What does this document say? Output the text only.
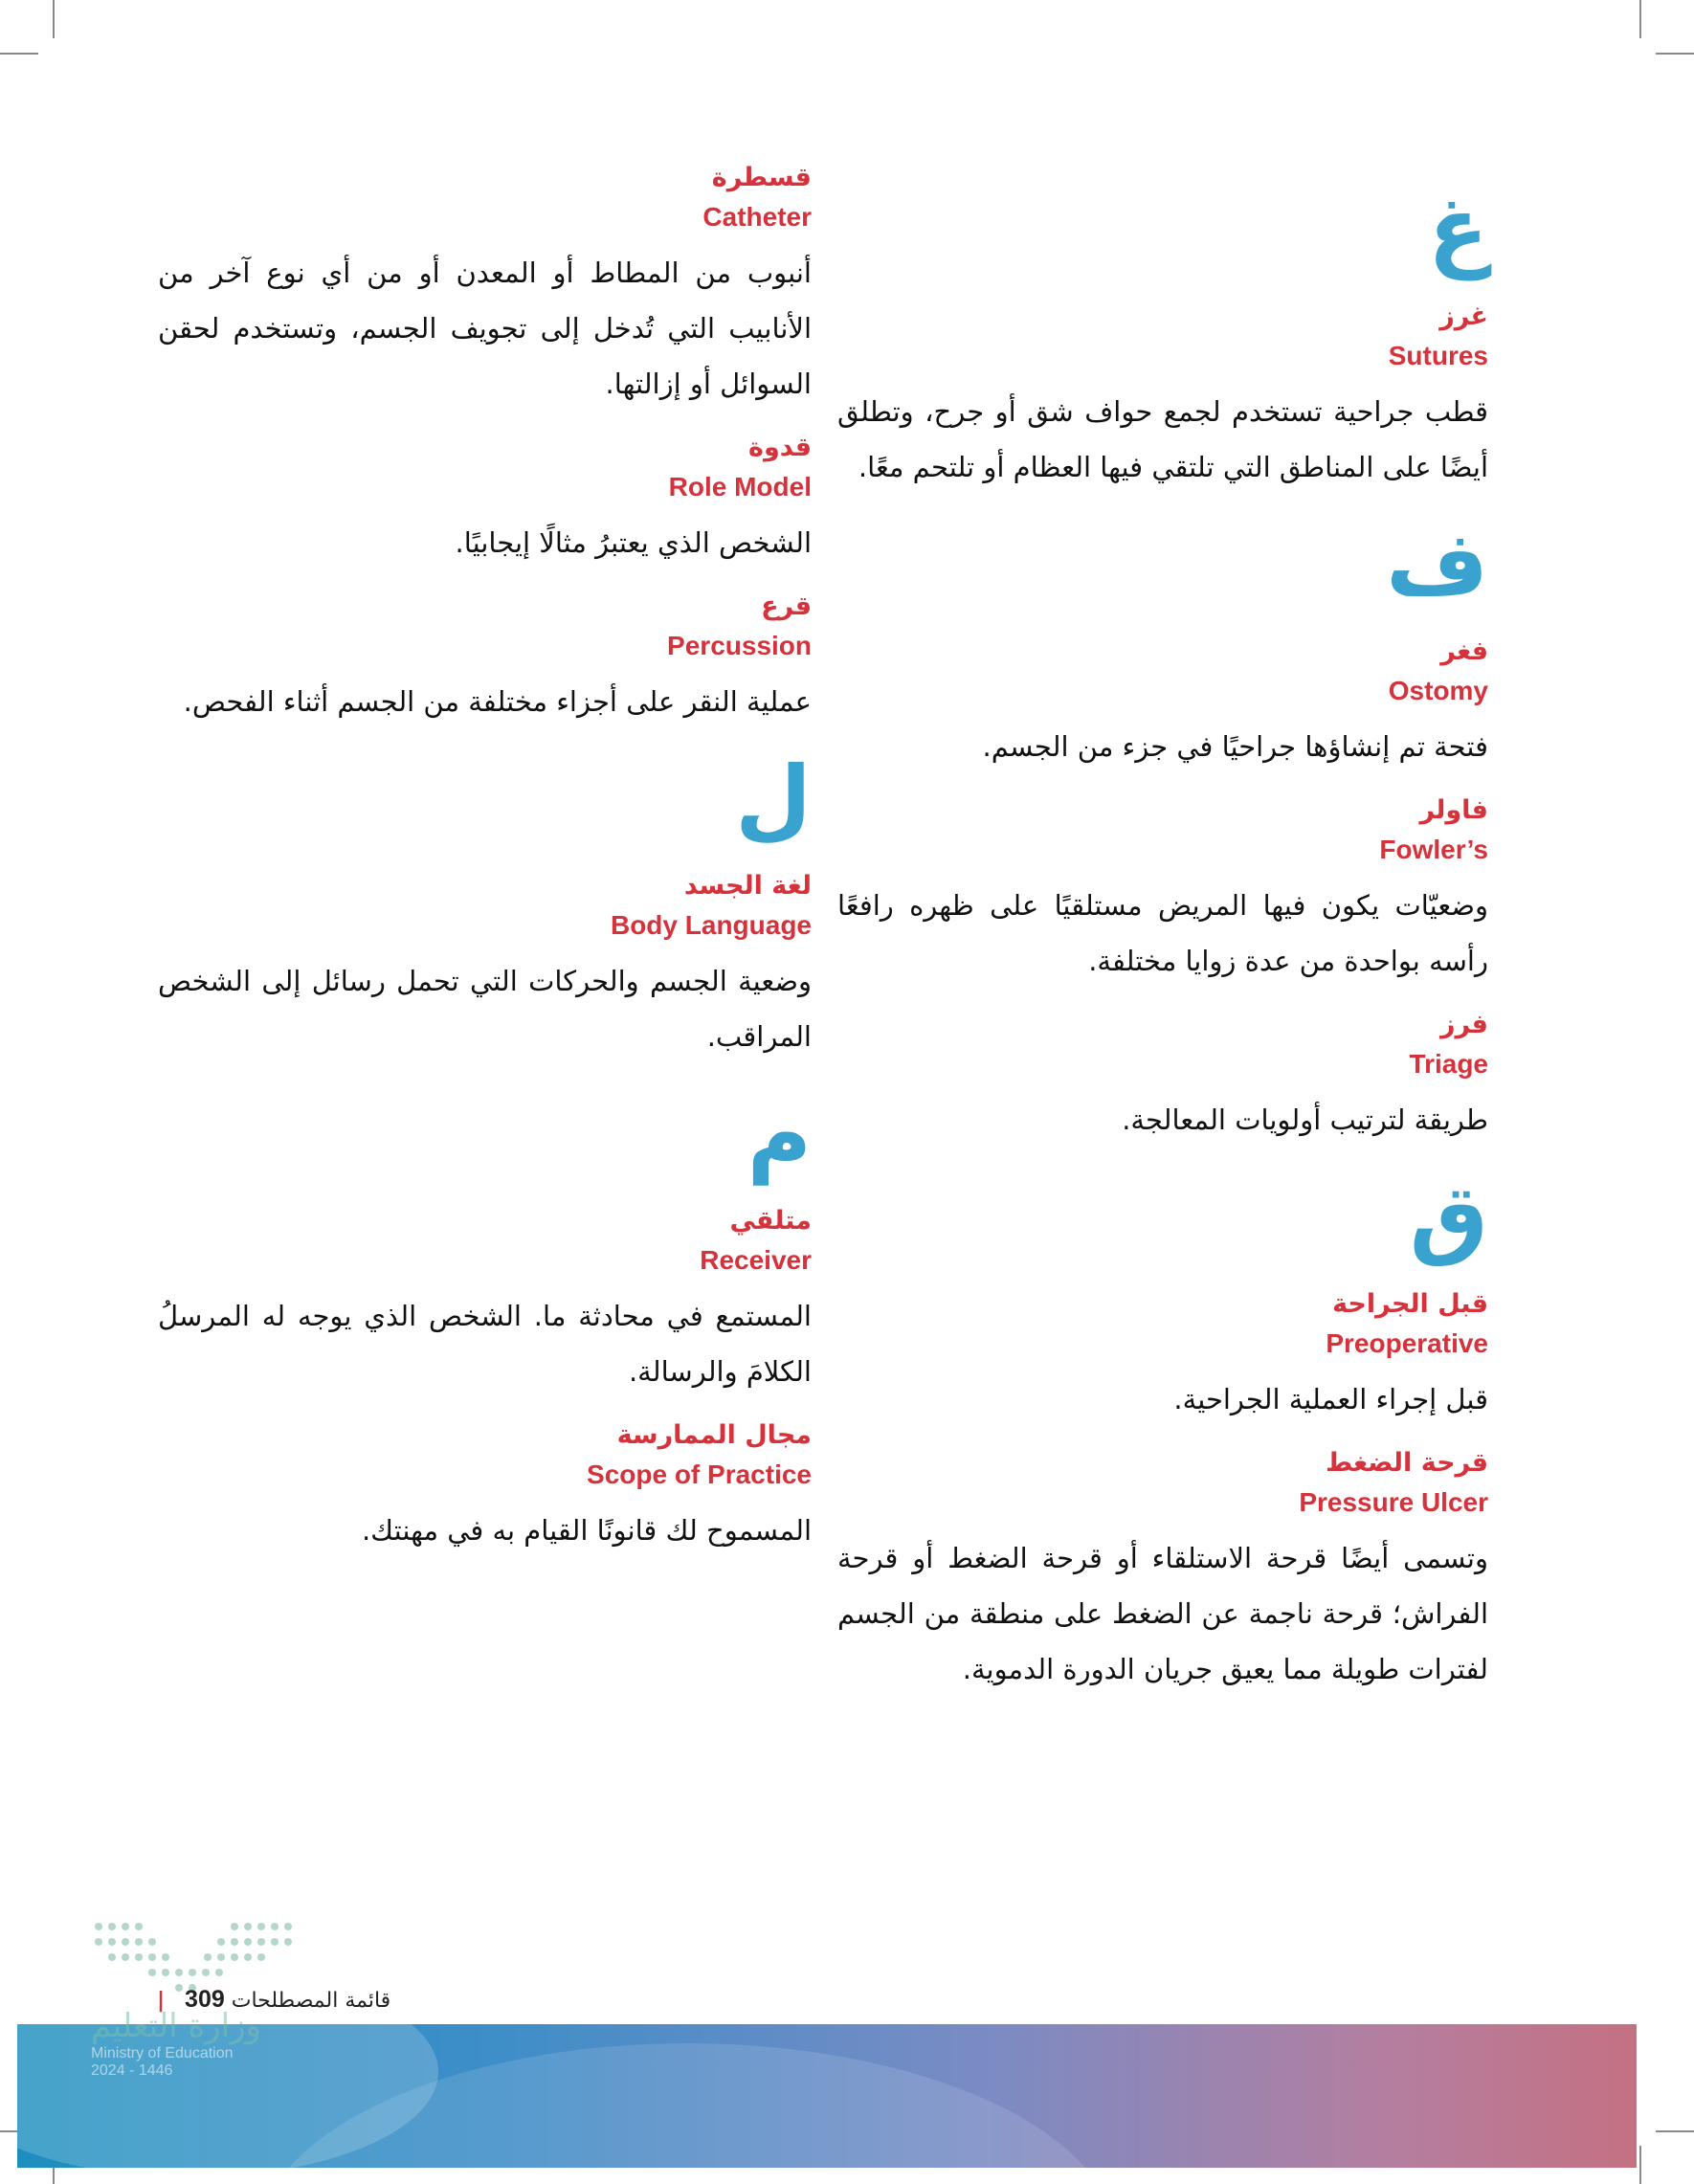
غ
غرز
Sutures
قطب جراحية تستخدم لجمع حواف شق أو جرح، وتطلق أيضًا على المناطق التي تلتقي فيها العظام أو تلتحم معًا.
ف
فغر
Ostomy
فتحة تم إنشاؤها جراحيًا في جزء من الجسم.
فاولر
Fowler’s
وضعيّات يكون فيها المريض مستلقيًا على ظهره رافعًا رأسه بواحدة من عدة زوايا مختلفة.
فرز
Triage
طريقة لترتيب أولويات المعالجة.
ق
قبل الجراحة
Preoperative
قبل إجراء العملية الجراحية.
قرحة الضغط
Pressure Ulcer
وتسمى أيضًا قرحة الاستلقاء أو قرحة الضغط أو قرحة الفراش؛ قرحة ناجمة عن الضغط على منطقة من الجسم لفترات طويلة مما يعيق جريان الدورة الدموية.
قسطرة
Catheter
أنبوب من المطاط أو المعدن أو من أي نوع آخر من الأنابيب التي تُدخل إلى تجويف الجسم، وتستخدم لحقن السوائل أو إزالتها.
قدوة
Role Model
الشخص الذي يعتبرُ مثالًا إيجابيًا.
قرع
Percussion
عملية النقر على أجزاء مختلفة من الجسم أثناء الفحص.
ل
لغة الجسد
Body Language
وضعية الجسم والحركات التي تحمل رسائل إلى الشخص المراقب.
م
متلقي
Receiver
المستمع في محادثة ما. الشخص الذي يوجه له المرسلُ الكلامَ والرسالة.
مجال الممارسة
Scope of Practice
المسموح لك قانونًا القيام به في مهنتك.
وزارة التعليم
Ministry of Education
2024 - 1446
قائمة المصطلحات 309 |
